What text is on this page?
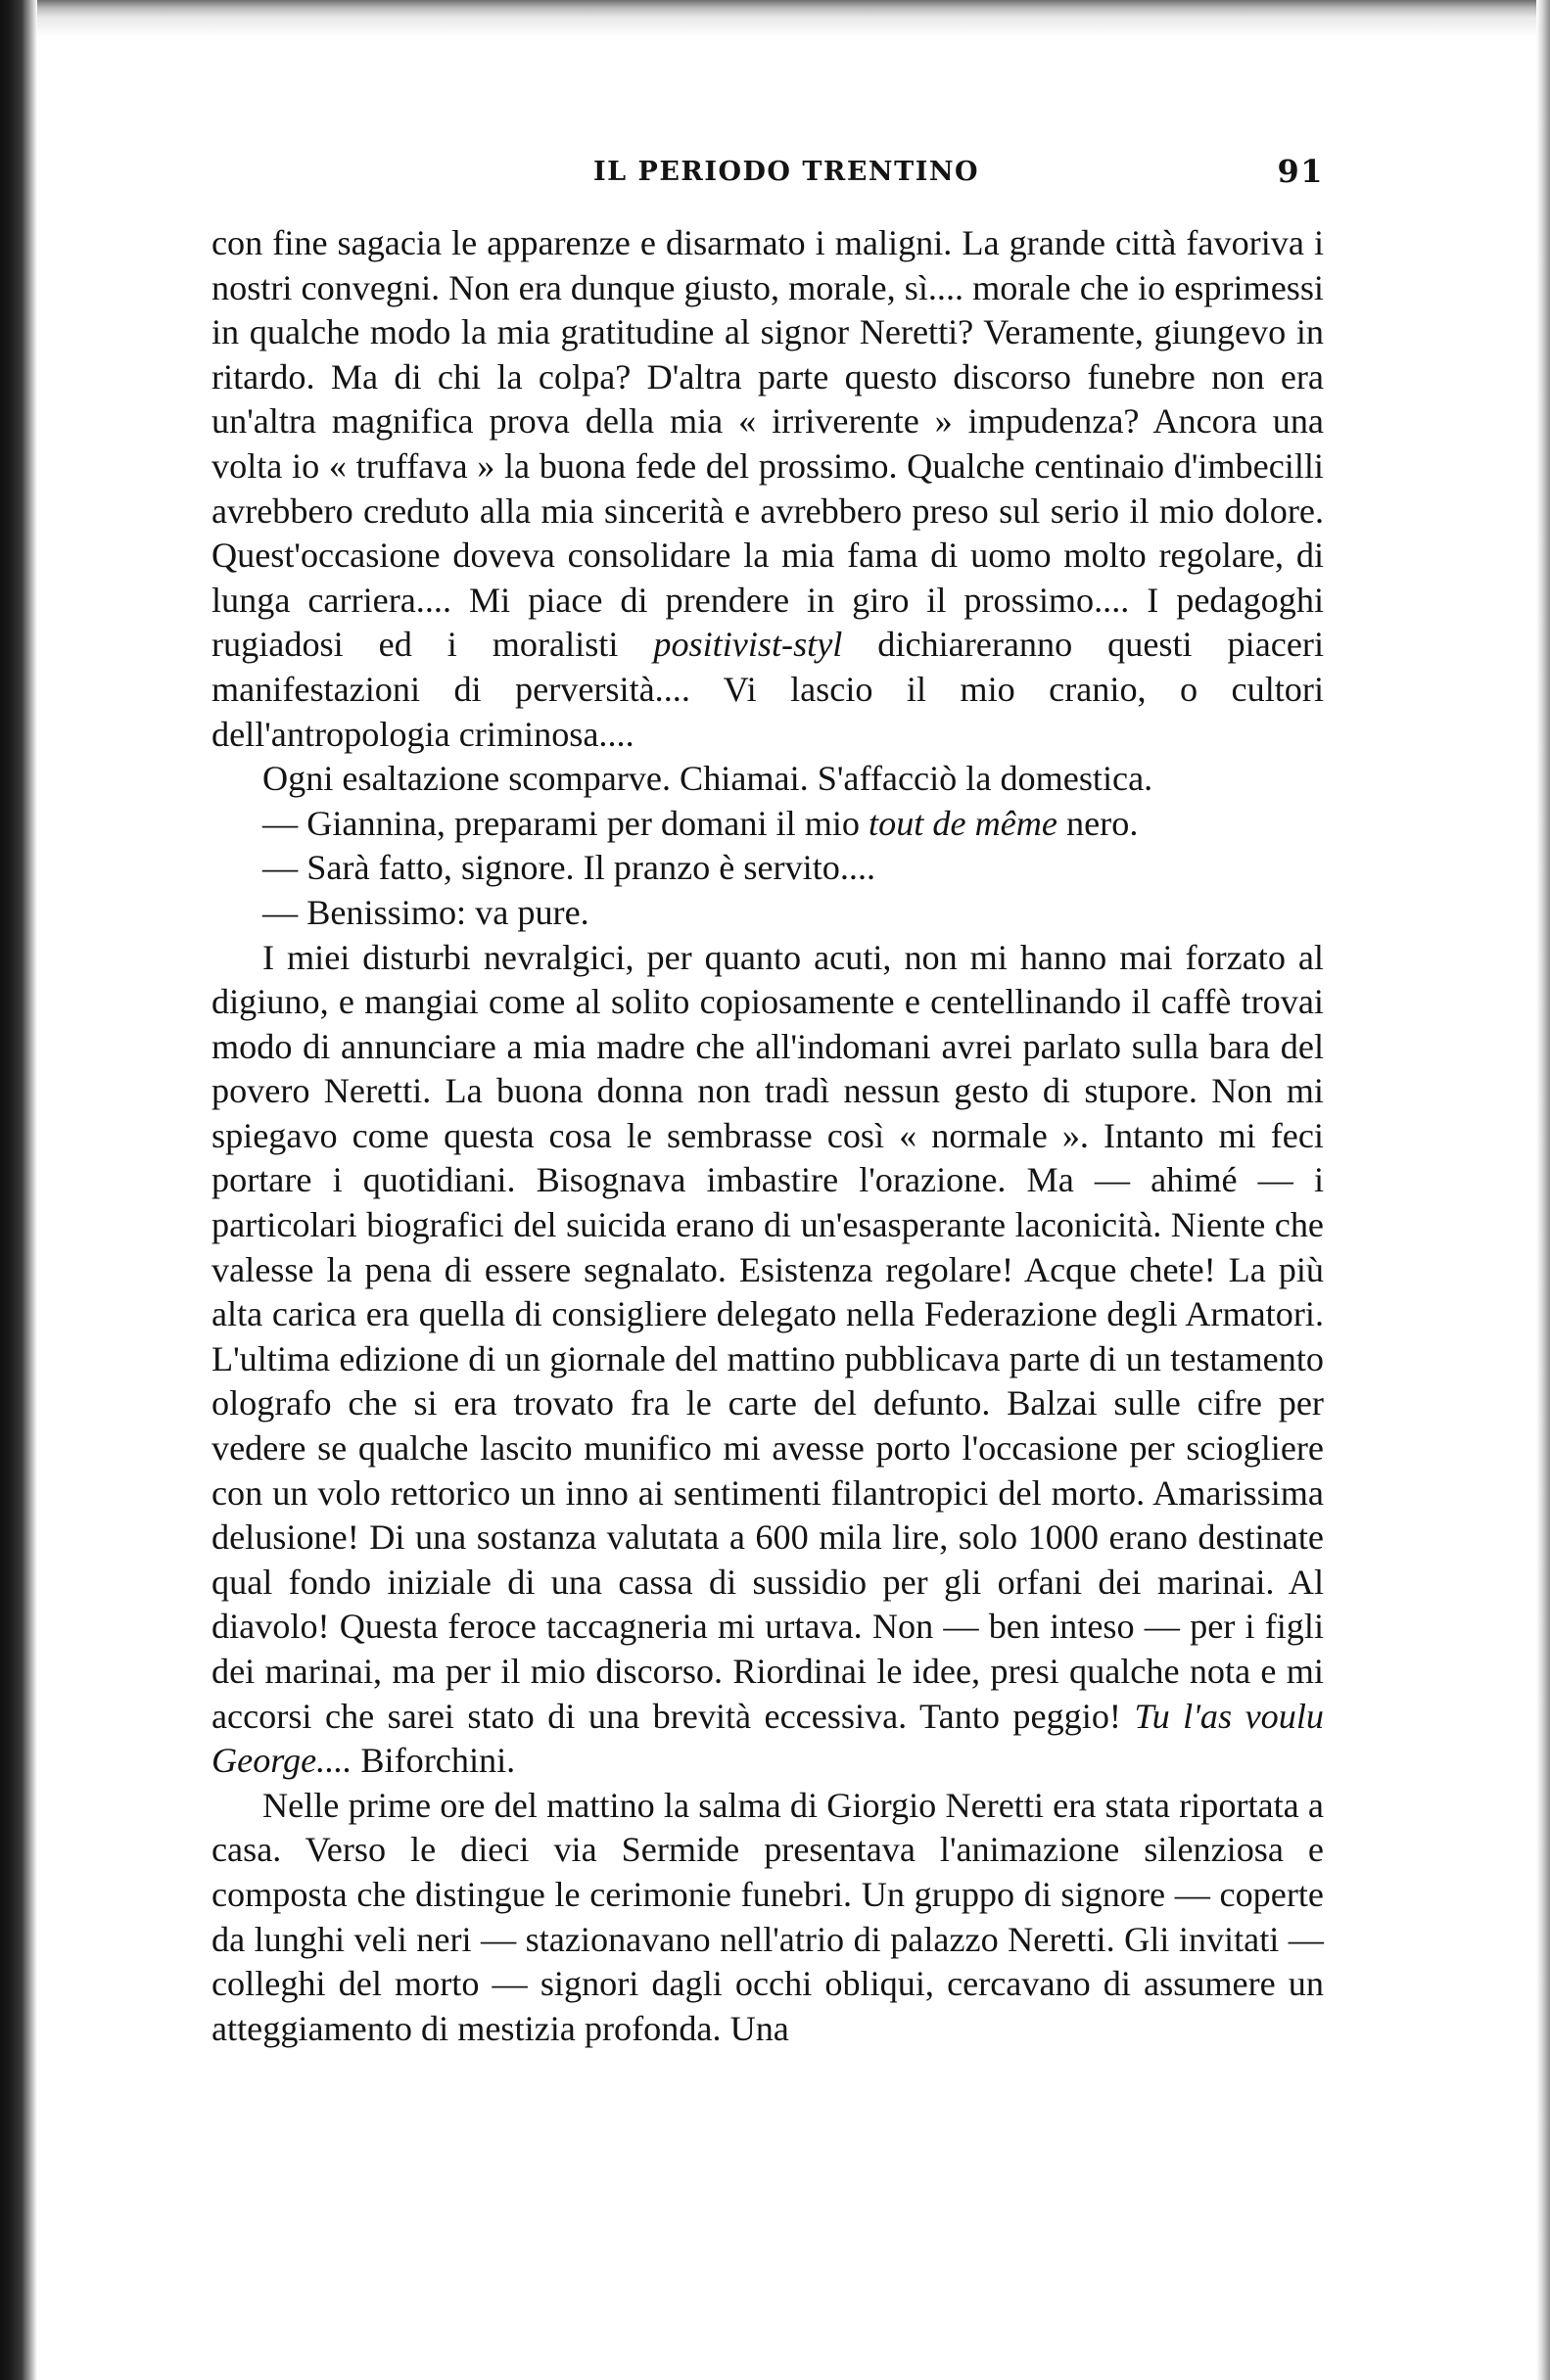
IL PERIODO TRENTINO	91

con fine sagacia le apparenze e disarmato i maligni. La grande città favoriva i nostri convegni. Non era dunque giusto, morale, sì.... morale che io esprimessi in qualche modo la mia gratitudine al signor Neretti? Veramente, giungevo in ritardo. Ma di chi la colpa? D'altra parte questo discorso funebre non era un'altra magnifica prova della mia « irriverente » impudenza? Ancora una volta io « truffava » la buona fede del prossimo. Qualche centinaio d'imbecilli avrebbero creduto alla mia sincerità e avrebbero preso sul serio il mio dolore. Quest'occasione doveva consolidare la mia fama di uomo molto regolare, di lunga carriera.... Mi piace di prendere in giro il prossimo.... I pedagoghi rugiadosi ed i moralisti positivist-styl dichiareranno questi piaceri manifestazioni di perversità.... Vi lascio il mio cranio, o cultori dell'antropologia criminosa....

Ogni esaltazione scomparve. Chiamai. S'affacciò la domestica.

— Giannina, preparami per domani il mio tout de même nero.

— Sarà fatto, signore. Il pranzo è servito....

— Benissimo: va pure.

I miei disturbi nevralgici, per quanto acuti, non mi hanno mai forzato al digiuno, e mangiai come al solito copiosamente e centellinando il caffè trovai modo di annunciare a mia madre che all'indomani avrei parlato sulla bara del povero Neretti. La buona donna non tradì nessun gesto di stupore. Non mi spiegavo come questa cosa le sembrasse così « normale ». Intanto mi feci portare i quotidiani. Bisognava imbastire l'orazione. Ma — ahimé — i particolari biografici del suicida erano di un'esasperante laconicità. Niente che valesse la pena di essere segnalato. Esistenza regolare! Acque chete! La più alta carica era quella di consigliere delegato nella Federazione degli Armatori. L'ultima edizione di un giornale del mattino pubblicava parte di un testamento olografo che si era trovato fra le carte del defunto. Balzai sulle cifre per vedere se qualche lascito munifico mi avesse porto l'occasione per sciogliere con un volo rettorico un inno ai sentimenti filantropici del morto. Amarissima delusione! Di una sostanza valutata a 600 mila lire, solo 1000 erano destinate qual fondo iniziale di una cassa di sussidio per gli orfani dei marinai. Al diavolo! Questa feroce taccagneria mi urtava. Non — ben inteso — per i figli dei marinai, ma per il mio discorso. Riordinai le idee, presi qualche nota e mi accorsi che sarei stato di una brevità eccessiva. Tanto peggio! Tu l'as voulu George.... Biforchini.

Nelle prime ore del mattino la salma di Giorgio Neretti era stata riportata a casa. Verso le dieci via Sermide presentava l'animazione silenziosa e composta che distingue le cerimonie funebri. Un gruppo di signore — coperte da lunghi veli neri — stazionavano nell'atrio di palazzo Neretti. Gli invitati — colleghi del morto — signori dagli occhi obliqui, cercavano di assumere un atteggiamento di mestizia profonda. Una
